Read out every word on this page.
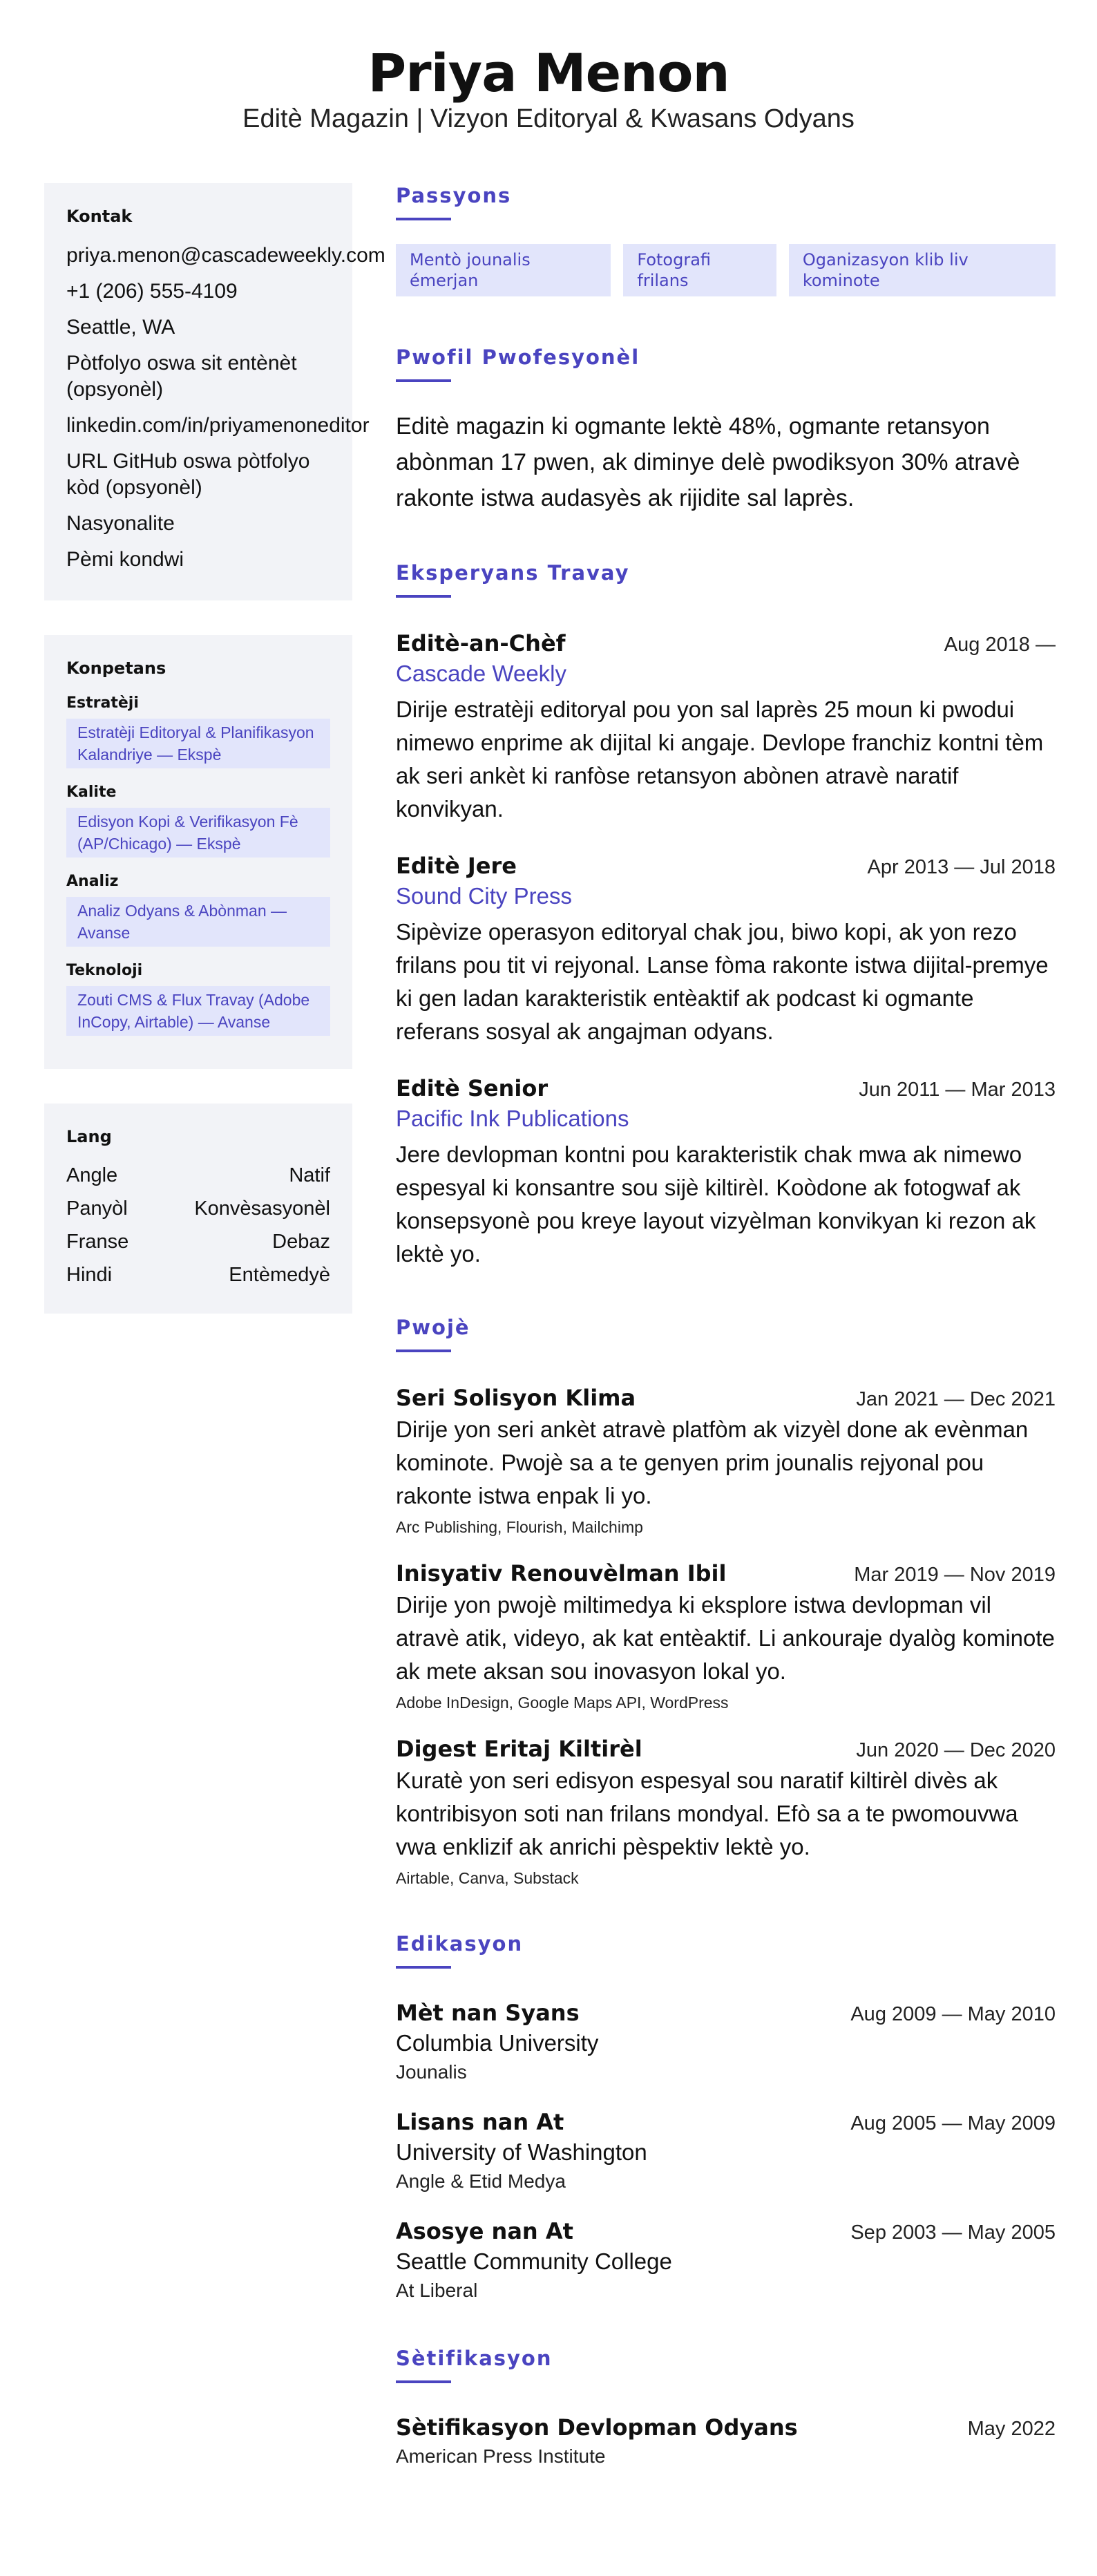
Priya Menon
Editè Magazin | Vizyon Editoryal & Kwasans Odyans
Kontak
priya.menon@cascadeweekly.com
+1 (206) 555-4109
Seattle, WA
Pòtfolyo oswa sit entènèt (opsyonèl)
linkedin.com/in/priyamenoneditor
URL GitHub oswa pòtfolyo kòd (opsyonèl)
Nasyonalite
Pèmi kondwi
Konpetans
Estratèji
Estratèji Editoryal & Planifikasyon Kalandriye — Ekspè
Kalite
Edisyon Kopi & Verifikasyon Fè (AP/Chicago) — Ekspè
Analiz
Analiz Odyans & Abònman — Avanse
Teknoloji
Zouti CMS & Flux Travay (Adobe InCopy, Airtable) — Avanse
Lang
Angle	Natif
Panyòl	Konvèsasyonèl
Franse	Debaz
Hindi	Entèmedyè
Passyons
Mentò jounalis émerjan
Fotografi frilans
Oganizasyon klib liv kominote
Pwofil Pwofesyonèl
Editè magazin ki ogmante lektè 48%, ogmante retansyon abònman 17 pwen, ak diminye delè pwodiksyon 30% atravè rakonte istwa audasyès ak rijidite sal laprès.
Eksperyans Travay
Editè-an-Chèf	Aug 2018 —
Cascade Weekly
Dirije estratèji editoryal pou yon sal laprès 25 moun ki pwodui nimewo enprime ak dijital ki angaje. Devlope franchiz kontni tèm ak seri ankèt ki ranfòse retansyon abònen atravè naratif konvikyan.
Editè Jere	Apr 2013 — Jul 2018
Sound City Press
Sipèvize operasyon editoryal chak jou, biwo kopi, ak yon rezo frilans pou tit vi rejyonal. Lanse fòma rakonte istwa dijital-premye ki gen ladan karakteristik entèaktif ak podcast ki ogmante referans sosyal ak angajman odyans.
Editè Senior	Jun 2011 — Mar 2013
Pacific Ink Publications
Jere devlopman kontni pou karakteristik chak mwa ak nimewo espesyal ki konsantre sou sijè kiltirèl. Koòdone ak fotogwaf ak konsepsyonè pou kreye layout vizyèlman konvikyan ki rezon ak lektè yo.
Pwojè
Seri Solisyon Klima	Jan 2021 — Dec 2021
Dirije yon seri ankèt atravè platfòm ak vizyèl done ak evènman kominote. Pwojè sa a te genyen prim jounalis rejyonal pou rakonte istwa enpak li yo.
Arc Publishing, Flourish, Mailchimp
Inisyativ Renouvèlman Ibil	Mar 2019 — Nov 2019
Dirije yon pwojè miltimedya ki eksplore istwa devlopman vil atravè atik, videyo, ak kat entèaktif. Li ankouraje dyalòg kominote ak mete aksan sou inovasyon lokal yo.
Adobe InDesign, Google Maps API, WordPress
Digest Eritaj Kiltirèl	Jun 2020 — Dec 2020
Kuratè yon seri edisyon espesyal sou naratif kiltirèl divès ak kontribisyon soti nan frilans mondyal. Efò sa a te pwomouvwa vwa enklizif ak anrichi pèspektiv lektè yo.
Airtable, Canva, Substack
Edikasyon
Mèt nan Syans	Aug 2009 — May 2010
Columbia University
Jounalis
Lisans nan At	Aug 2005 — May 2009
University of Washington
Angle & Etid Medya
Asosye nan At	Sep 2003 — May 2005
Seattle Community College
At Liberal
Sètifikasyon
Sètifikasyon Devlopman Odyans	May 2022
American Press Institute
